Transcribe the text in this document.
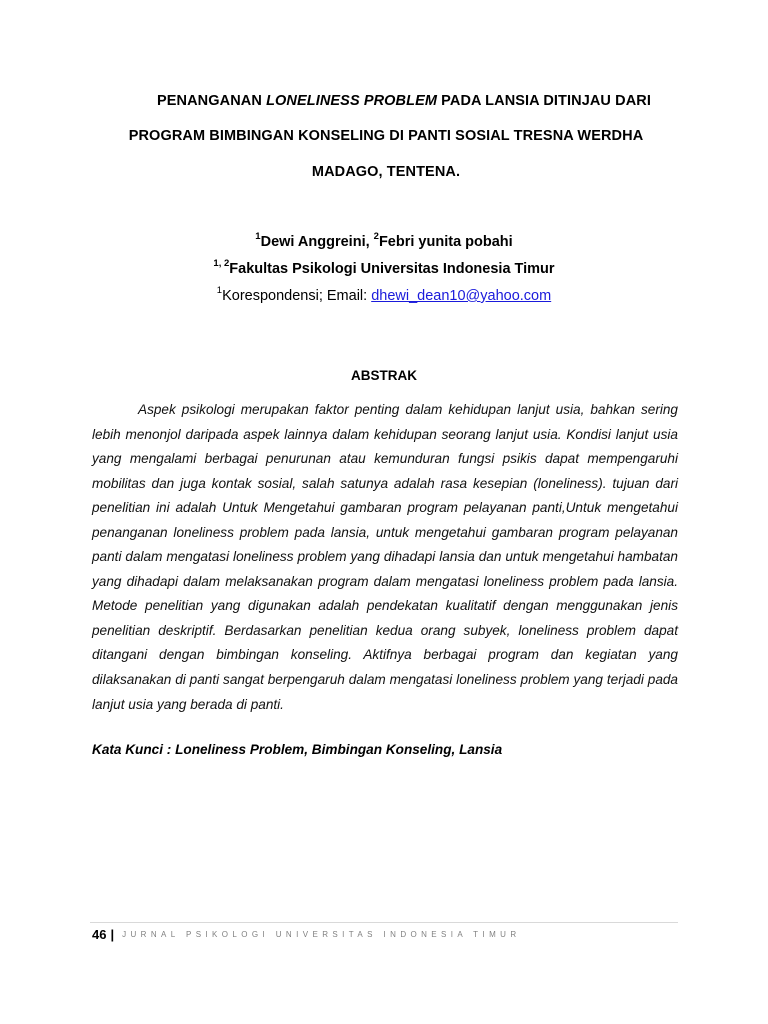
PENANGANAN LONELINESS PROBLEM PADA LANSIA DITINJAU DARI
PROGRAM BIMBINGAN KONSELING DI PANTI SOSIAL TRESNA WERDHA
MADAGO, TENTENA.
$^1$Dewi Anggreini, $^2$Febri yunita pobahi
$^{1, 2}$Fakultas Psikologi Universitas Indonesia Timur
$^1$Korespondensi; Email: dhewi_dean10@yahoo.com
ABSTRAK
Aspek psikologi merupakan faktor penting dalam kehidupan lanjut usia, bahkan sering lebih menonjol daripada aspek lainnya dalam kehidupan seorang lanjut usia. Kondisi lanjut usia yang mengalami berbagai penurunan atau kemunduran fungsi psikis dapat mempengaruhi mobilitas dan juga kontak sosial, salah satunya adalah rasa kesepian (loneliness). tujuan dari penelitian ini adalah Untuk Mengetahui gambaran program pelayanan panti,Untuk mengetahui penanganan loneliness problem pada lansia, untuk mengetahui gambaran program pelayanan panti dalam mengatasi loneliness problem yang dihadapi lansia dan untuk mengetahui hambatan yang dihadapi dalam melaksanakan program dalam mengatasi loneliness problem pada lansia. Metode penelitian yang digunakan adalah pendekatan kualitatif dengan menggunakan jenis penelitian deskriptif. Berdasarkan penelitian kedua orang subyek, loneliness problem dapat ditangani dengan bimbingan konseling. Aktifnya berbagai program dan kegiatan yang dilaksanakan di panti sangat berpengaruh dalam mengatasi loneliness problem yang terjadi pada lanjut usia yang berada di panti.
Kata Kunci : Loneliness Problem, Bimbingan Konseling, Lansia
46 | JURNAL PSIKOLOGI UNIVERSITAS INDONESIA TIMUR
